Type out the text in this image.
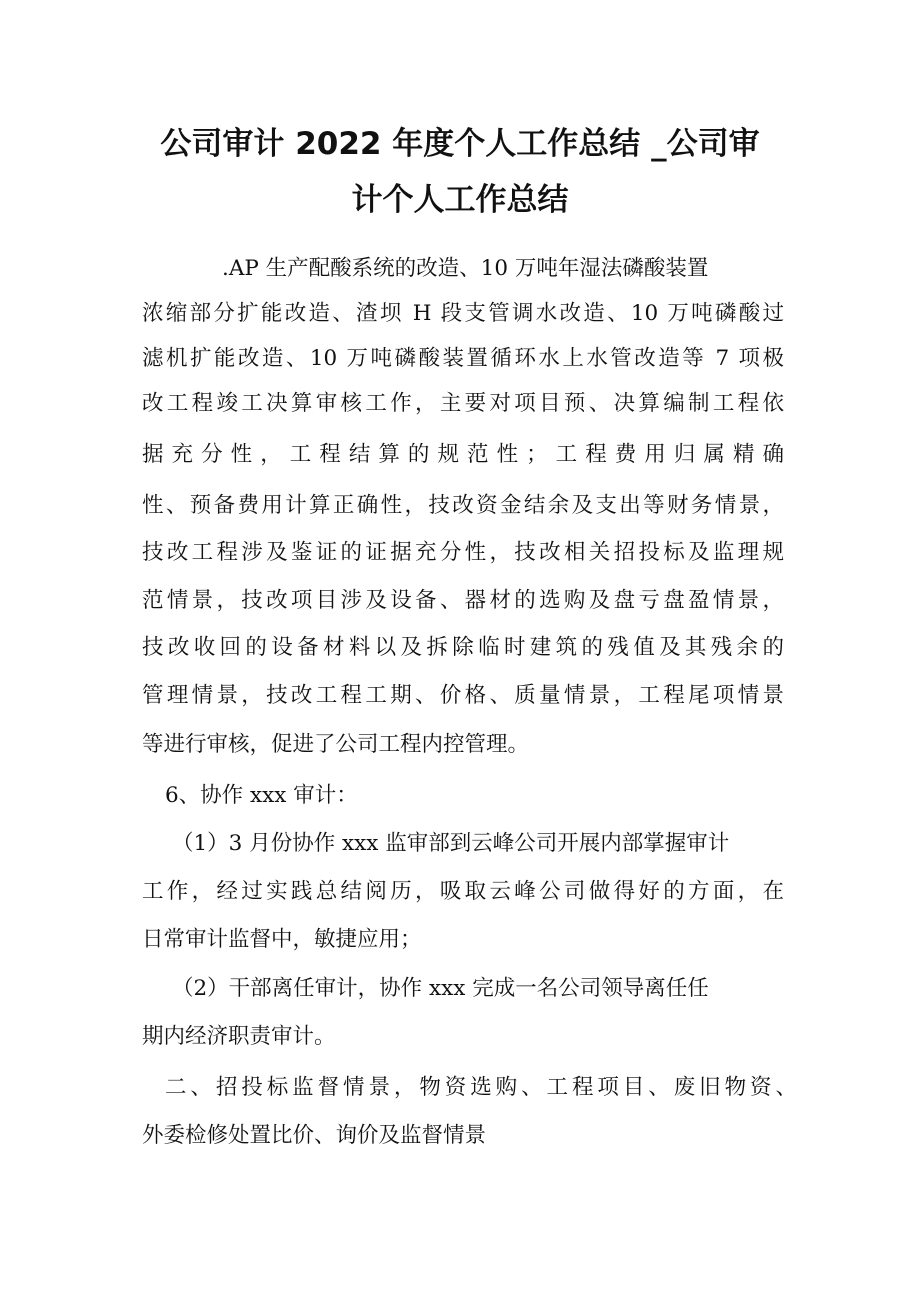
公司审计 2022 年度个人工作总结 _公司审
计个人工作总结

.AP 生产配酸系统的改造、10 万吨年湿法磷酸装置

浓缩部分扩能改造、渣坝 H 段支管调水改造、10 万吨磷酸过

滤机扩能改造、10 万吨磷酸装置循环水上水管改造等 7 项极

改工程竣工决算审核工作，主要对项目预、决算编制工程依

据充分性，工程结算的规范性；工程费用归属精确

性、预备费用计算正确性，技改资金结余及支出等财务情景，

技改工程涉及鉴证的证据充分性，技改相关招投标及监理规

范情景，技改项目涉及设备、器材的选购及盘亏盘盈情景，

技改收回的设备材料以及拆除临时建筑的残值及其残余的

管理情景，技改工程工期、价格、质量情景，工程尾项情景

等进行审核，促进了公司工程内控管理。

6、协作 xxx 审计：

（1）3 月份协作 xxx 监审部到云峰公司开展内部掌握审计

工作，经过实践总结阅历，吸取云峰公司做得好的方面，在

日常审计监督中，敏捷应用；

（2）干部离任审计，协作 xxx 完成一名公司领导离任任

期内经济职责审计。

二、招投标监督情景，物资选购、工程项目、废旧物资、

外委检修处置比价、询价及监督情景
